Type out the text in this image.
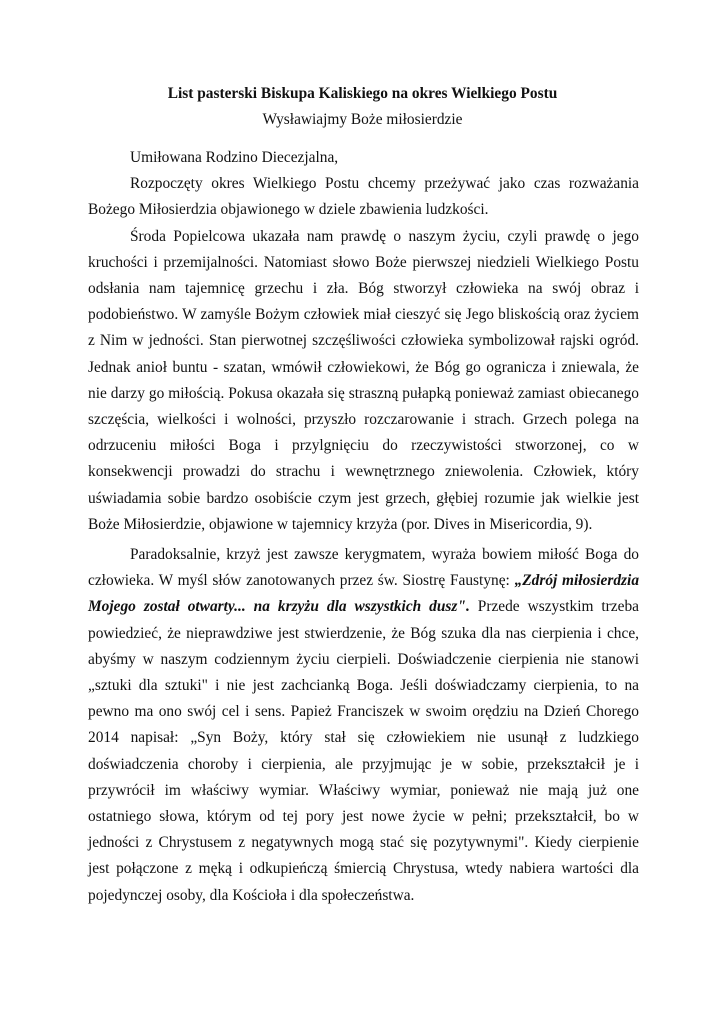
List pasterski Biskupa Kaliskiego na okres Wielkiego Postu
Wysławiajmy Boże miłosierdzie

Umiłowana Rodzino Diecezjalna,

Rozpoczęty okres Wielkiego Postu chcemy przeżywać jako czas rozważania Bożego Miłosierdzia objawionego w dziele zbawienia ludzkości.

Środa Popielcowa ukazała nam prawdę o naszym życiu, czyli prawdę o jego kruchości i przemijalności. Natomiast słowo Boże pierwszej niedzieli Wielkiego Postu odsłania nam tajemnicę grzechu i zła. Bóg stworzył człowieka na swój obraz i podobieństwo. W zamyśle Bożym człowiek miał cieszyć się Jego bliskością oraz życiem z Nim w jedności. Stan pierwotnej szczęśliwości człowieka symbolizował rajski ogród. Jednak anioł buntu - szatan, wmówił człowiekowi, że Bóg go ogranicza i zniewala, że nie darzy go miłością. Pokusa okazała się straszną pułapką ponieważ zamiast obiecanego szczęścia, wielkości i wolności, przyszło rozczarowanie i strach. Grzech polega na odrzuceniu miłości Boga i przylgnięciu do rzeczywistości stworzonej, co w konsekwencji prowadzi do strachu i wewnętrznego zniewolenia. Człowiek, który uświadamia sobie bardzo osobiście czym jest grzech, głębiej rozumie jak wielkie jest Boże Miłosierdzie, objawione w tajemnicy krzyża (por. Dives in Misericordia, 9).

Paradoksalnie, krzyż jest zawsze kerygmatem, wyraża bowiem miłość Boga do człowieka. W myśl słów zanotowanych przez św. Siostrę Faustynę: „Zdrój miłosierdzia Mojego został otwarty... na krzyżu dla wszystkich dusz". Przede wszystkim trzeba powiedzieć, że nieprawdziwe jest stwierdzenie, że Bóg szuka dla nas cierpienia i chce, abyśmy w naszym codziennym życiu cierpieli. Doświadczenie cierpienia nie stanowi „sztuki dla sztuki" i nie jest zachcianką Boga. Jeśli doświadczamy cierpienia, to na pewno ma ono swój cel i sens. Papież Franciszek w swoim orędziu na Dzień Chorego 2014 napisał: „Syn Boży, który stał się człowiekiem nie usunął z ludzkiego doświadczenia choroby i cierpienia, ale przyjmując je w sobie, przekształcił je i przywrócił im właściwy wymiar. Właściwy wymiar, ponieważ nie mają już one ostatniego słowa, którym od tej pory jest nowe życie w pełni; przekształcił, bo w jedności z Chrystusem z negatywnych mogą stać się pozytywnymi". Kiedy cierpienie jest połączone z męką i odkupieńczą śmiercią Chrystusa, wtedy nabiera wartości dla pojedynczej osoby, dla Kościoła i dla społeczeństwa.
